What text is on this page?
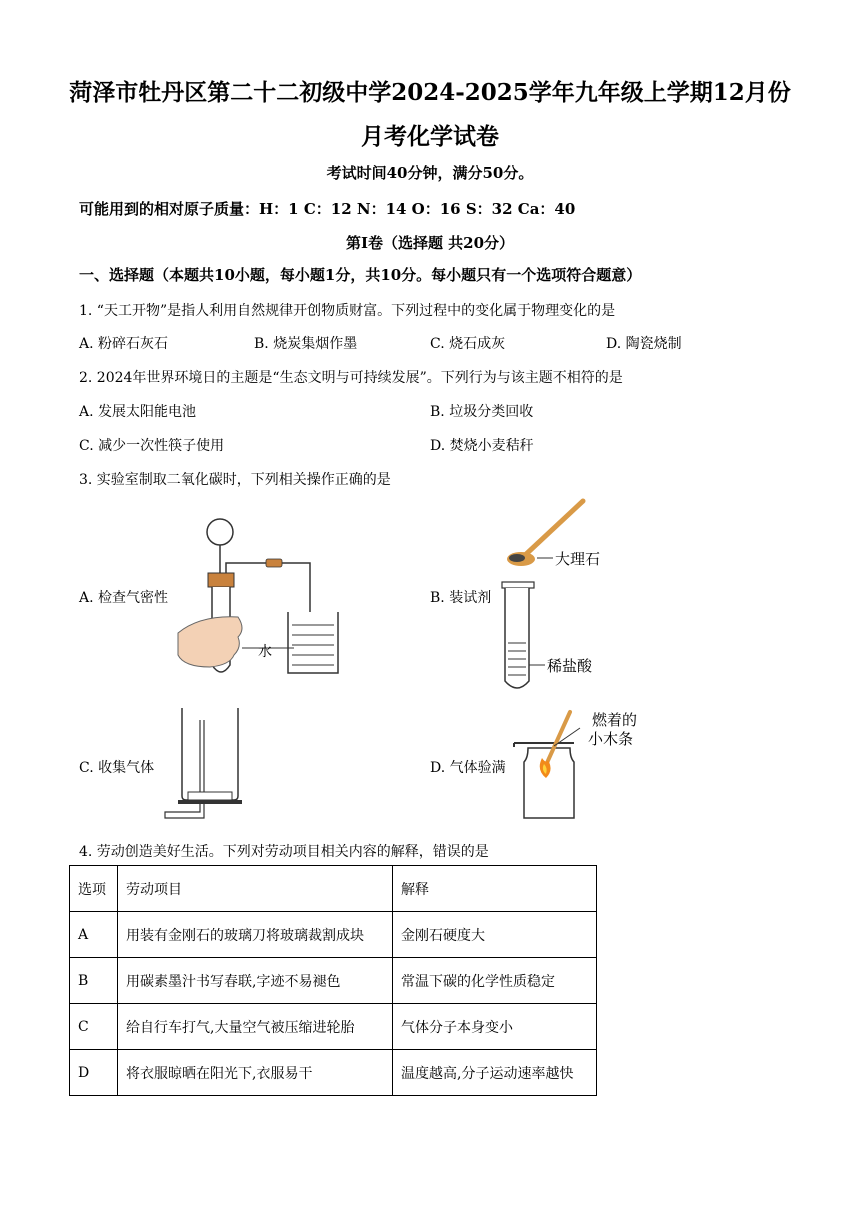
菏泽市牡丹区第二十二初级中学2024-2025学年九年级上学期12月份
月考化学试卷
考试时间40分钟，满分50分。
可能用到的相对原子质量：H：1 C：12 N：14 O：16 S：32 Ca：40
第Ⅰ卷（选择题 共20分）
一、选择题（本题共10小题，每小题1分，共10分。每小题只有一个选项符合题意）
1. “天工开物”是指人利用自然规律开创物质财富。下列过程中的变化属于物理变化的是
A. 粉碎石灰石	B. 烧炭集烟作墨	C. 烧石成灰	D. 陶瓷烧制
2. 2024年世界环境日的主题是“生态文明与可持续发展”。下列行为与该主题不相符的是
A. 发展太阳能电池	B. 垃圾分类回收
C. 减少一次性筷子使用	D. 焚烧小麦秸秆
3. 实验室制取二氧化碳时，下列相关操作正确的是
A. 检查气密性	B. 装试剂
C. 收集气体	D. 气体验满
水
大理石
稀盐酸
燃着的
小木条
4. 劳动创造美好生活。下列对劳动项目相关内容的解释，错误的是
选项	劳动项目	解释
A	用装有金刚石的玻璃刀将玻璃裁割成块	金刚石硬度大
B	用碳素墨汁书写春联,字迹不易褪色	常温下碳的化学性质稳定
C	给自行车打气,大量空气被压缩进轮胎	气体分子本身变小
D	将衣服晾晒在阳光下,衣服易干	温度越高,分子运动速率越快
